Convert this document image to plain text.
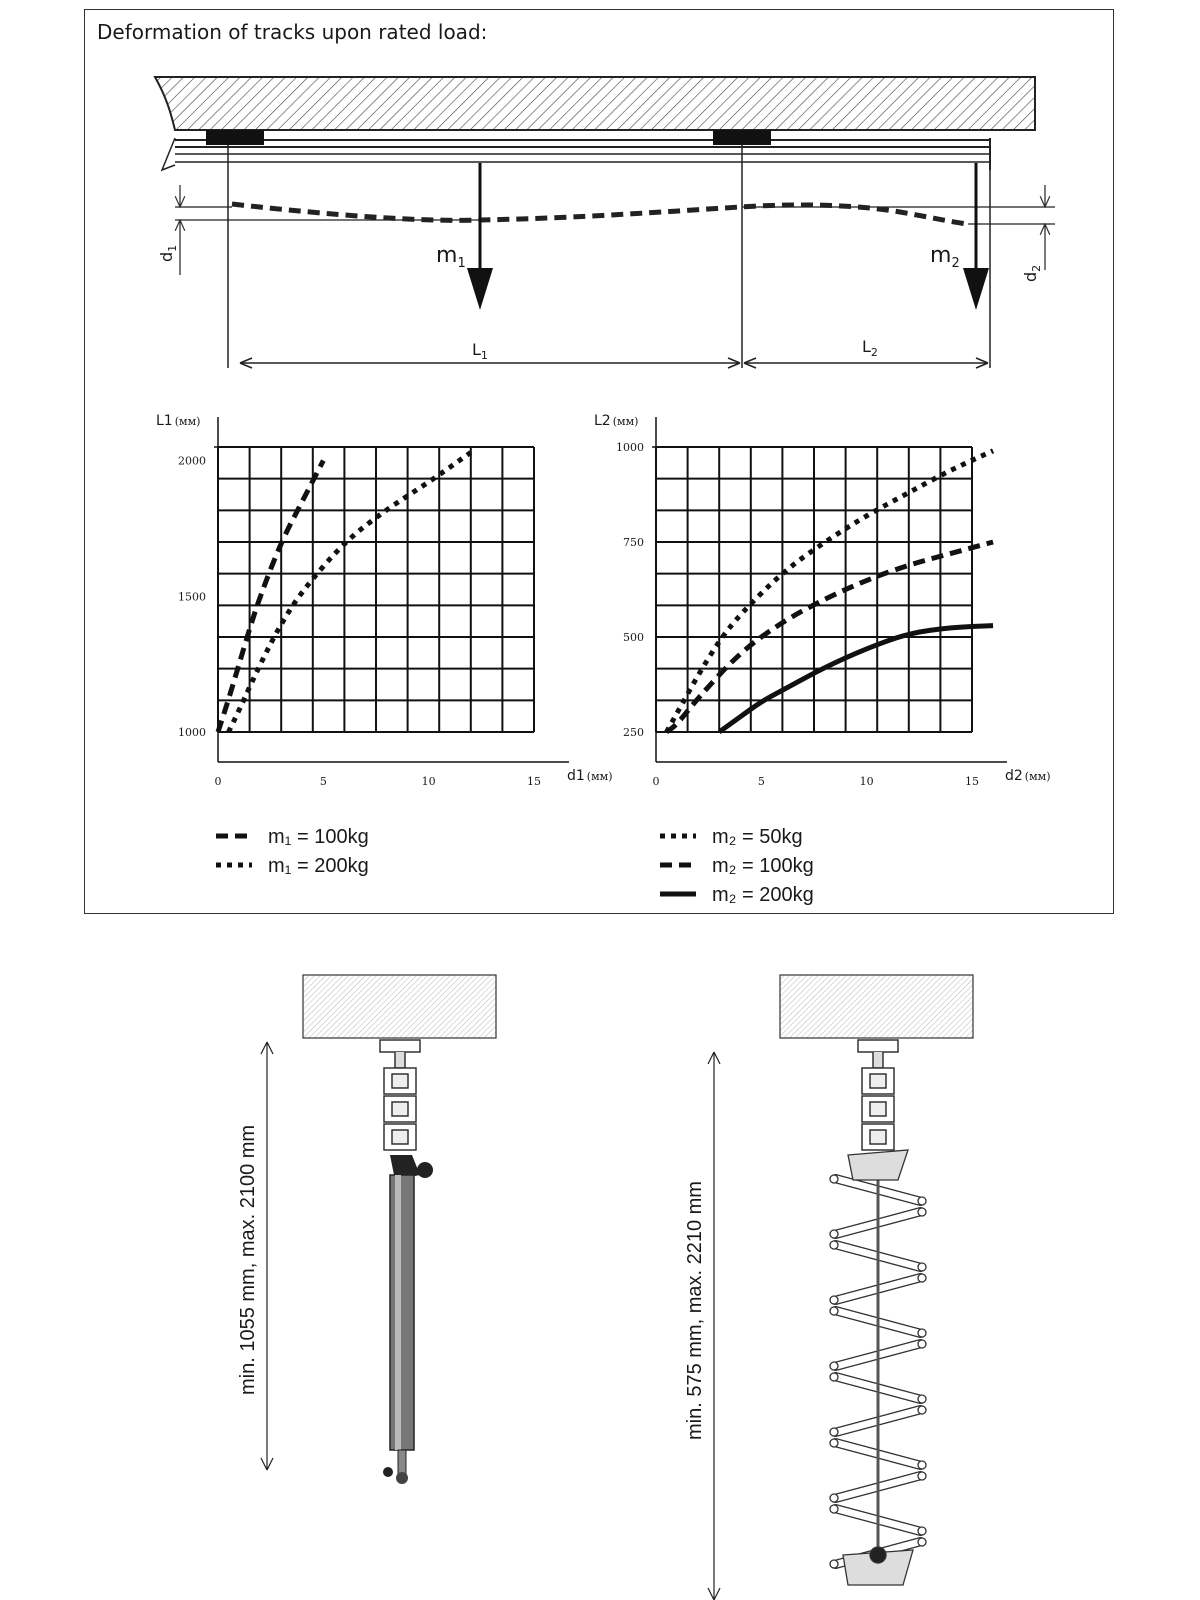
Deformation of tracks upon rated load:
$d_1$
$d_2$
$m_1$	$m_2$
$L_1$	$L_2$
0	5	10	15
1000
1500
2000
L1 (мм)
d1 (мм)	0	5	10	15
250
500
750
1000
L2 (мм)
d2 (мм)
m₁ = 100kg
m₁ = 200kg
m₂ = 50kg
m₂ = 100kg
m₂ = 200kg
min. 1055 mm, max. 2100 mm	min. 575 mm, max. 2210 mm
